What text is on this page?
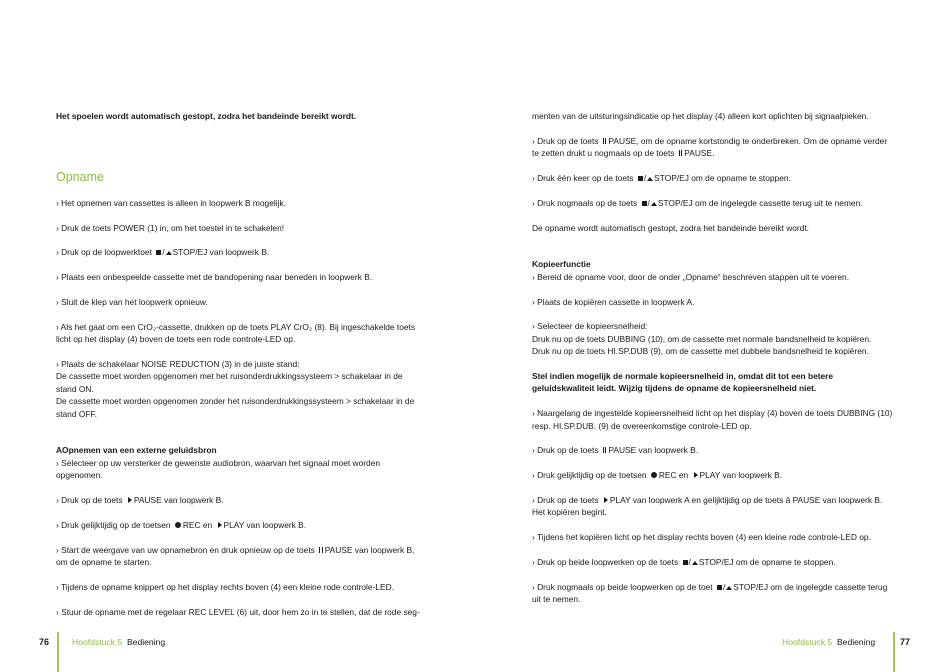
Het spoelen wordt automatisch gestopt, zodra het bandeinde bereikt wordt.

Opname

› Het opnemen van cassettes is alleen in loopwerk B mogelijk.

› Druk de toets POWER (1) in, om het toestel in te schakelen!

› Druk op de loopwerktoet / STOP/EJ van loopwerk B.

› Plaats een onbespeelde cassette met de bandopening naar beneden in loopwerk B.

› Sluit de klep van het loopwerk opnieuw.

› Als het gaat om een CrO₂-cassette, drukken op de toets PLAY CrO₂ (8). Bij ingeschakelde toets licht op het display (4) boven de toets een rode controle-LED op.

› Plaats de schakelaar NOISE REDUCTION (3) in de juiste stand:
De cassette moet worden opgenomen met het ruisonderdrukkingssysteem > schakelaar in de stand ON.
De cassette moet worden opgenomen zonder het ruisonderdrukkingssysteem > schakelaar in de stand OFF.

AOpnemen van een externe geluidsbron

› Selecteer op uw versterker de gewenste audiobron, waarvan het signaal moet worden opgenomen.

› Druk op de toets PAUSE van loopwerk B.

› Druk gelijktijdig op de toetsen REC en PLAY van loopwerk B.

› Start de weergave van uw opnamebron en druk opnieuw op de toets PAUSE van loopwerk B, om de opname te starten.

› Tijdens de opname knippert op het display rechts boven (4) een kleine rode controle-LED.

› Stuur de opname met de regelaar REC LEVEL (6) uit, door hem zo in te stellen, dat de rode seg-

menten van de uitsturingsindicatie op het display (4) alleen kort oplichten bij signaalpieken.

› Druk op de toets PAUSE, om de opname kortstondig te onderbreken. Om de opname verder te zetten drukt u nogmaals op de toets PAUSE.

› Druk één keer op de toets / STOP/EJ om de opname te stoppen.

› Druk nogmaals op de toets / STOP/EJ om de ingelegde cassette terug uit te nemen.

De opname wordt automatisch gestopt, zodra het bandeinde bereikt wordt.

Kopieerfunctie

› Bereid de opname voor, door de onder „Opname“ beschreven stappen uit te voeren.

› Plaats de kopiëren cassette in loopwerk A.

› Selecteer de kopieersnelheid:
Druk nu op de toets DUBBING (10), om de cassette met normale bandsnelheid te kopiëren.
Druk nu op de toets HI.SP.DUB (9), om de cassette met dubbele bandsnelheid te kopiëren.

Stel indien mogelijk de normale kopieersnelheid in, omdat dit tot een betere geluidskwaliteit leidt. Wijzig tijdens de opname de kopieersnelheid niet.

› Naargelang de ingestelde kopieersnelheid licht op het display (4) boven de toets DUBBING (10) resp. HI.SP.DUB. (9) de overeenkomstige controle-LED op.

› Druk op de toets PAUSE van loopwerk B.

› Druk gelijktijdig op de toetsen REC en PLAY van loopwerk B.

› Druk op de toets PLAY van loopwerk A en gelijktijdig op de toets â PAUSE van loopwerk B. Het kopiëren begint.

› Tijdens het kopiëren licht op het display rechts boven (4) een kleine rode controle-LED op.

› Druk op beide loopwerken op de toets / STOP/EJ om de opname te stoppen.

› Druk nogmaals op beide loopwerken op de toet / STOP/EJ om de ingelegde cassette terug uit te nemen.

76	Hoofdstuck 5 Bediening	Hoofdstuck 5 Bediening	77
